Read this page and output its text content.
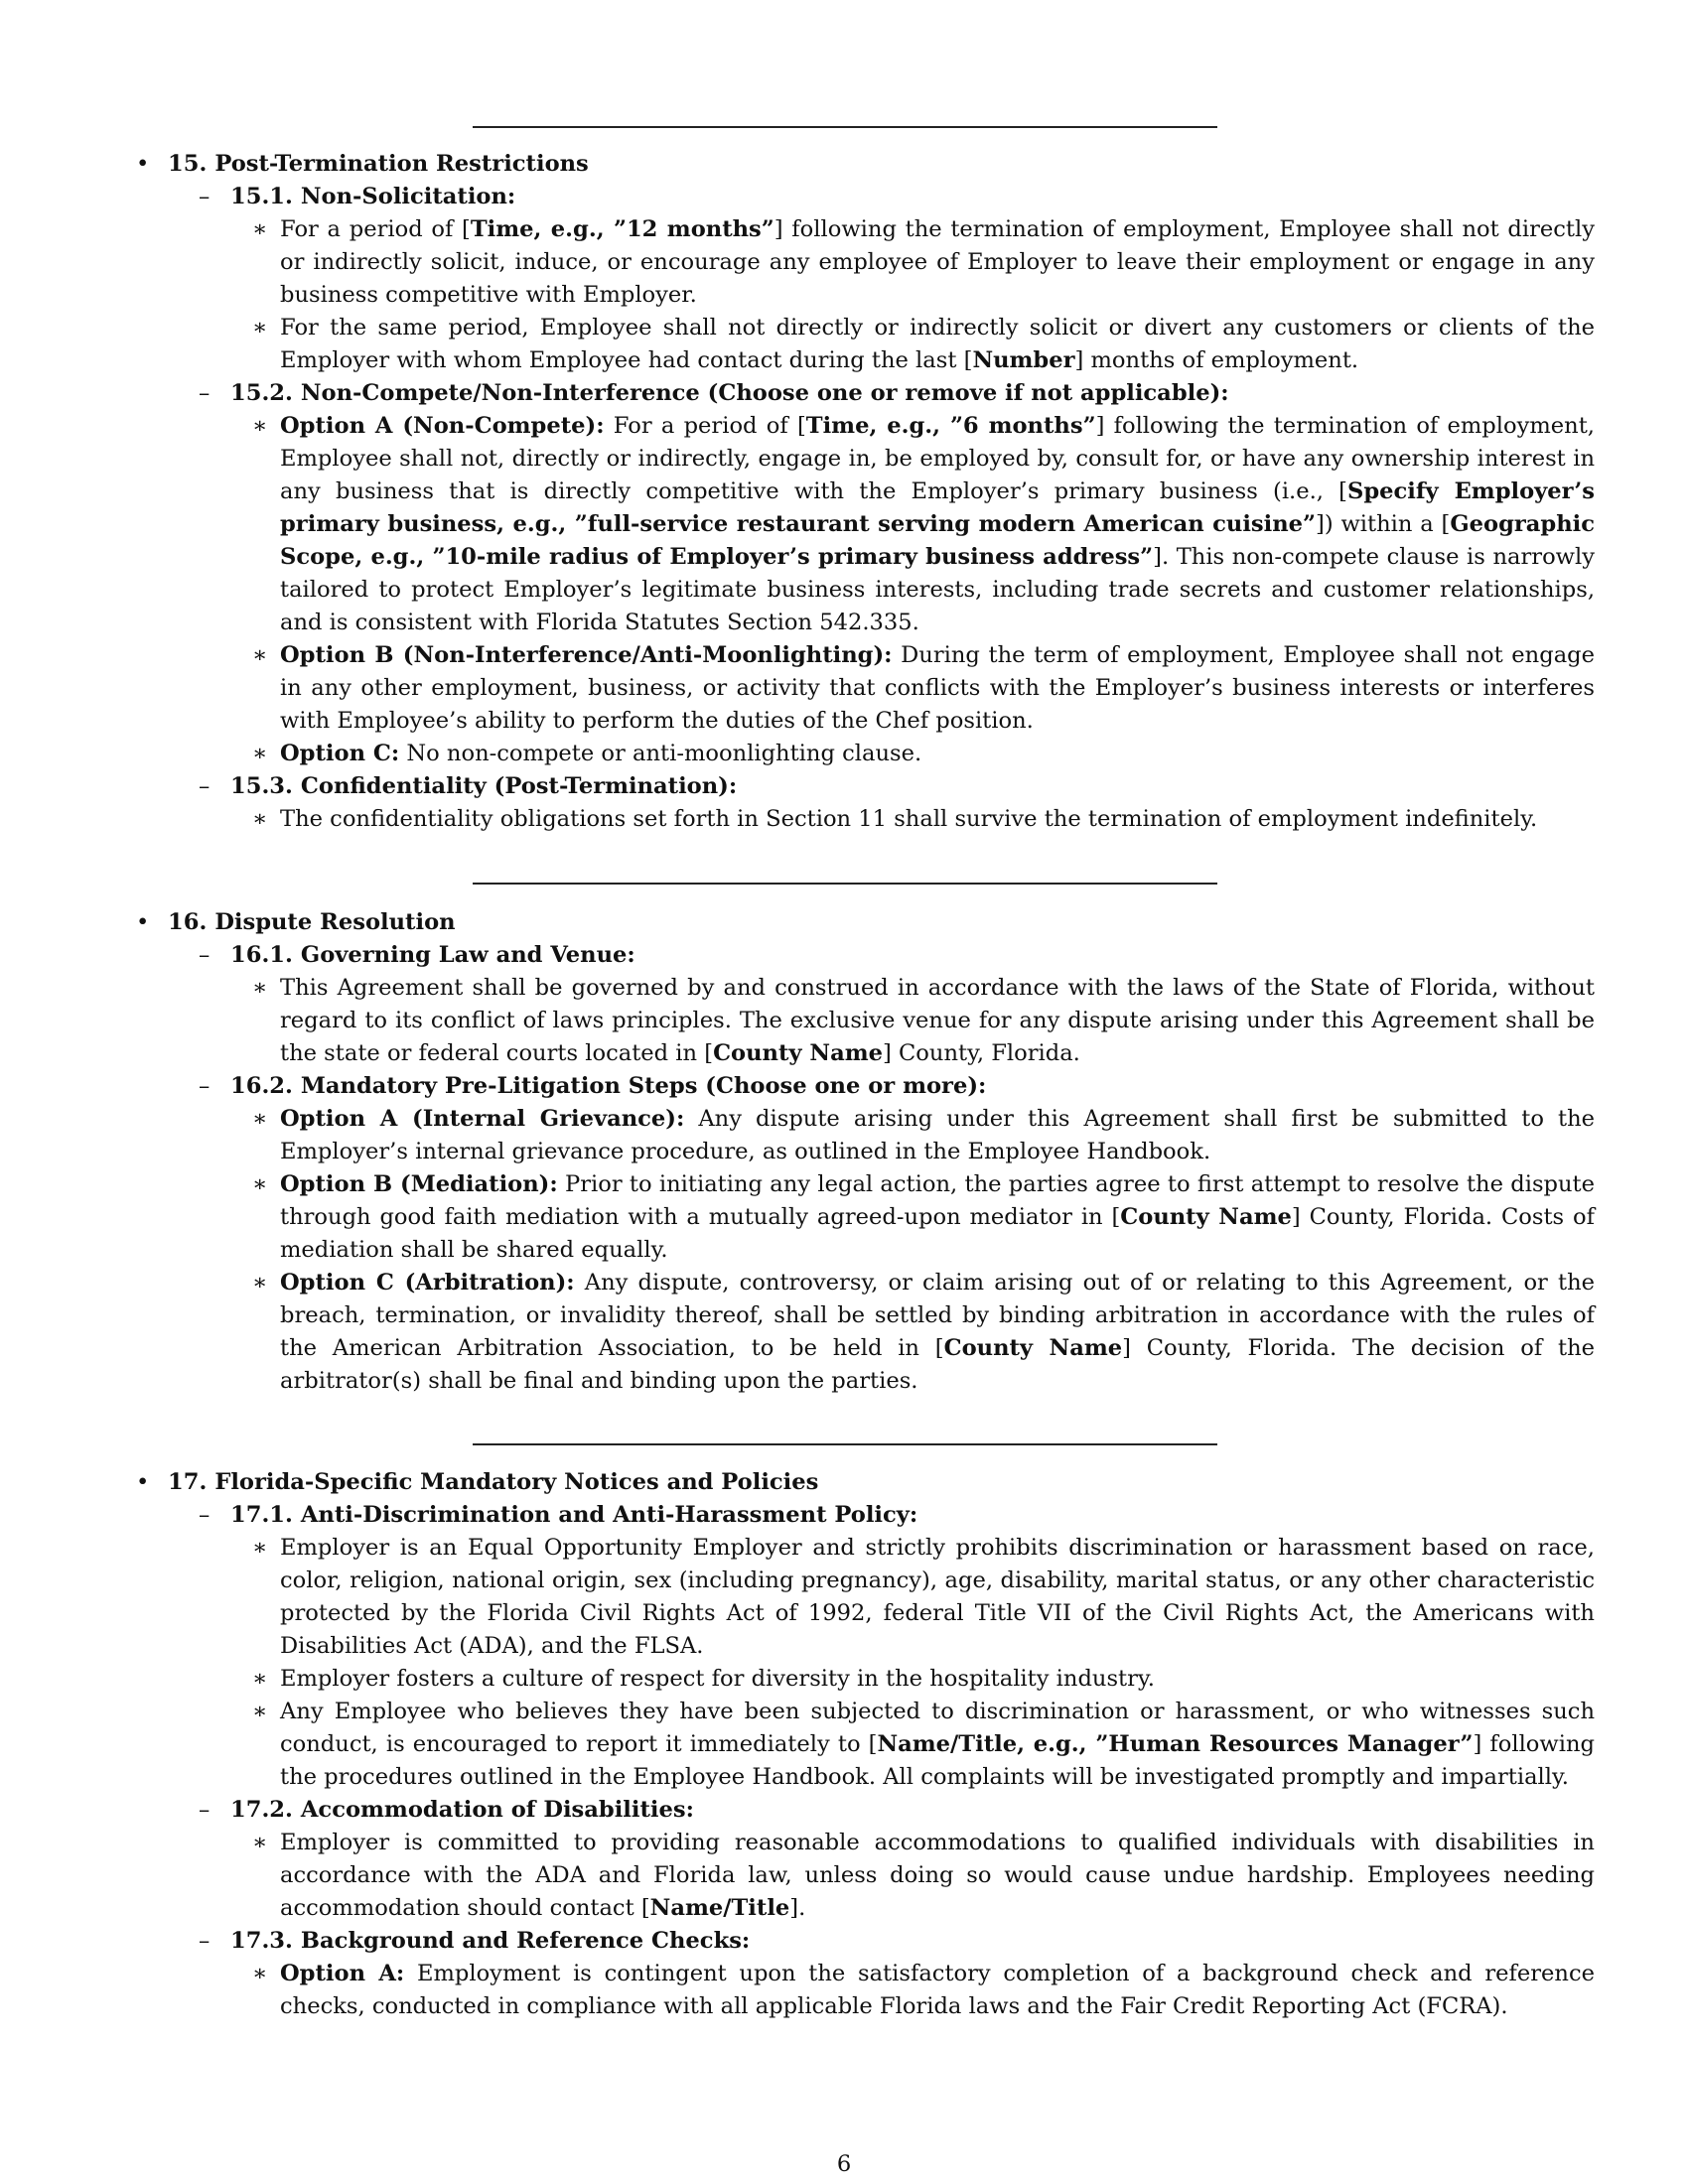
• 15. Post-Termination Restrictions
– 15.1. Non-Solicitation:
∗ For a period of [Time, e.g., ”12 months”] following the termination of employment, Employee shall not directly or indirectly solicit, induce, or encourage any employee of Employer to leave their employment or engage in any business competitive with Employer.
∗ For the same period, Employee shall not directly or indirectly solicit or divert any customers or clients of the Employer with whom Employee had contact during the last [Number] months of employment.
– 15.2. Non-Compete/Non-Interference (Choose one or remove if not applicable):
∗ Option A (Non-Compete): For a period of [Time, e.g., ”6 months”] following the termination of employment, Employee shall not, directly or indirectly, engage in, be employed by, consult for, or have any ownership interest in any business that is directly competitive with the Employer’s primary business (i.e., [Specify Employer’s primary business, e.g., ”full-service restaurant serving modern American cuisine”]) within a [Geographic Scope, e.g., ”10-mile radius of Employer’s primary business address”]. This non-compete clause is narrowly tailored to protect Employer’s legitimate business interests, including trade secrets and customer relationships, and is consistent with Florida Statutes Section 542.335.
∗ Option B (Non-Interference/Anti-Moonlighting): During the term of employment, Employee shall not engage in any other employment, business, or activity that conflicts with the Employer’s business interests or interferes with Employee’s ability to perform the duties of the Chef position.
∗ Option C: No non-compete or anti-moonlighting clause.
– 15.3. Confidentiality (Post-Termination):
∗ The confidentiality obligations set forth in Section 11 shall survive the termination of employment indefinitely.
• 16. Dispute Resolution
– 16.1. Governing Law and Venue:
∗ This Agreement shall be governed by and construed in accordance with the laws of the State of Florida, without regard to its conflict of laws principles. The exclusive venue for any dispute arising under this Agreement shall be the state or federal courts located in [County Name] County, Florida.
– 16.2. Mandatory Pre-Litigation Steps (Choose one or more):
∗ Option A (Internal Grievance): Any dispute arising under this Agreement shall first be submitted to the Employer’s internal grievance procedure, as outlined in the Employee Handbook.
∗ Option B (Mediation): Prior to initiating any legal action, the parties agree to first attempt to resolve the dispute through good faith mediation with a mutually agreed-upon mediator in [County Name] County, Florida. Costs of mediation shall be shared equally.
∗ Option C (Arbitration): Any dispute, controversy, or claim arising out of or relating to this Agreement, or the breach, termination, or invalidity thereof, shall be settled by binding arbitration in accordance with the rules of the American Arbitration Association, to be held in [County Name] County, Florida. The decision of the arbitrator(s) shall be final and binding upon the parties.
• 17. Florida-Specific Mandatory Notices and Policies
– 17.1. Anti-Discrimination and Anti-Harassment Policy:
∗ Employer is an Equal Opportunity Employer and strictly prohibits discrimination or harassment based on race, color, religion, national origin, sex (including pregnancy), age, disability, marital status, or any other characteristic protected by the Florida Civil Rights Act of 1992, federal Title VII of the Civil Rights Act, the Americans with Disabilities Act (ADA), and the FLSA.
∗ Employer fosters a culture of respect for diversity in the hospitality industry.
∗ Any Employee who believes they have been subjected to discrimination or harassment, or who witnesses such conduct, is encouraged to report it immediately to [Name/Title, e.g., ”Human Resources Manager”] following the procedures outlined in the Employee Handbook. All complaints will be investigated promptly and impartially.
– 17.2. Accommodation of Disabilities:
∗ Employer is committed to providing reasonable accommodations to qualified individuals with disabilities in accordance with the ADA and Florida law, unless doing so would cause undue hardship. Employees needing accommodation should contact [Name/Title].
– 17.3. Background and Reference Checks:
∗ Option A: Employment is contingent upon the satisfactory completion of a background check and reference checks, conducted in compliance with all applicable Florida laws and the Fair Credit Reporting Act (FCRA).
6
